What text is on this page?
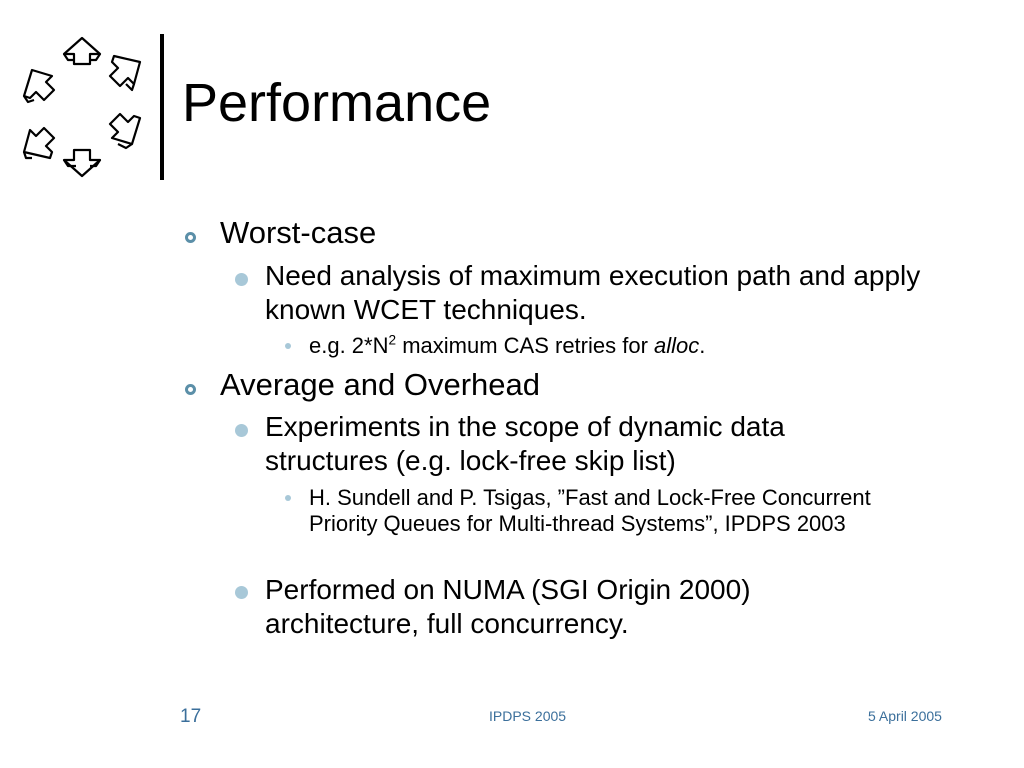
Performance
Worst-case
Need analysis of maximum execution path and apply known WCET techniques.
e.g. $2*N^2$ maximum CAS retries for alloc.
Average and Overhead
Experiments in the scope of dynamic data structures (e.g. lock-free skip list)
H. Sundell and P. Tsigas, ”Fast and Lock-Free Concurrent Priority Queues for Multi-thread Systems”, IPDPS 2003
Performed on NUMA (SGI Origin 2000) architecture, full concurrency.
17	IPDPS 2005	5 April 2005
